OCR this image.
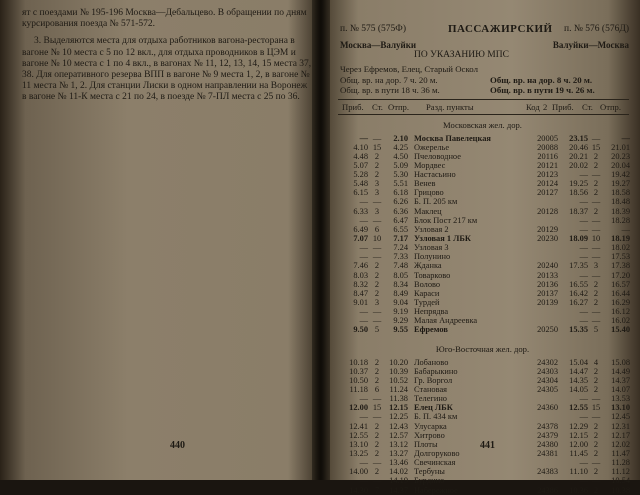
ят с поездами № 195-196 Москва—Дебальцево. В обращении по дням курсирования поезда № 571-572.

3. Выделяются места для отдыха работников вагона-ресторана в вагоне № 10 места с 5 по 12 вкл., для отдыха проводников в ЦЭМ и вагоне № 10 места с 1 по 4 вкл., в вагонах № 11, 12, 13, 14, 15 места 37, 38. Для оперативного резерва ВПП в вагоне № 9 места 1, 2, в вагоне № 11 места № 1, 2. Для станции Лиски в одном направлении на Воронеж в вагоне № 11-К места с 21 по 24, в поезде № 7-ПЛ места с 25 по 36.

440
п. № 575 (575Ф)	ПАССАЖИРСКИЙ п. № 576 (576Д)
Москва—Валуйки	Валуйки—Москва
ПО УКАЗАНИЮ МПС
Через Ефремов, Елец, Старый Оскол
Общ. вр. на дор. 7 ч. 20 м.	Общ. вр. на дор. 8 ч. 20 м.
Общ. вр. в пути 18 ч. 36 м.	Общ. вр. в пути 19 ч. 26 м.
Приб. Ст. Отпр. Разд. пункты	Код 2 Приб. Ст. Отпр.
Московская жел. дор.
— —	2.10 Москва Павелецкая	20005	23.15 —	—
4.10 15	4.25 Ожерелье	20088	20.46 15	21.01
4.48 2	4.50 Пчеловодное	20116	20.21 2	20.23
5.07 2	5.09 Мордвес	20121	20.02 2	20.04
5.28 2	5.30 Настасьино	20123	— —	19.42
5.48 3	5.51 Венев	20124	19.25 2	19.27
6.15 3	6.18 Грицово	20127	18.56 2	18.58
— —	6.26 Б. П. 205 км	— —	18.48
6.33 3	6.36 Маклец	20128	18.37 2	18.39
— —	6.47 Блок Пост 217 км	— —	18.28
6.49 6	6.55 Узловая 2	20129	— —	—
7.07 10	7.17 Узловая 1 ЛБК	20230	18.09 10	18.19
— —	7.24 Узловая 3	— —	18.02
— —	7.33 Полунино	— —	17.53
7.46 2	7.48 Жданка	20240	17.35 3	17.38
8.03 2	8.05 Товарково	20133	— —	17.20
8.32 2	8.34 Волово	20136	16.55 2	16.57
8.47 2	8.49 Караси	20137	16.42 2	16.44
9.01 3	9.04 Турдей	20139	16.27 2	16.29
— —	9.19 Непрядва	— —	16.12
— —	9.29 Малая Андреевка	— —	16.02
9.50 5	9.55 Ефремов	20250	15.35 5	15.40
Юго-Восточная жел. дор.
10.18 2	10.20 Лобаново	24302	15.04 4	15.08
10.37 2	10.39 Бабарыкино	24303	14.47 2	14.49
10.50 2	10.52 Гр. Воргол	24304	14.35 2	14.37
11.18 6	11.24 Становая	24305	14.05 2	14.07
— — 11.38 Телегино	— —	13.53
12.00 15 12.15 Елец ЛБК	24360	12.55 15	13.10
— — 12.25 Б. П. 434 км	— —	12.45
12.41 2	12.43 Улусарка	24378	12.29 2	12.31
12.55 2	12.57 Хитрово	24379	12.15 2	12.17
13.10 2	13.12 Плоты	24380	12.00 2	12.02
13.25 2	13.27 Долгоруково	24381	11.45 2	11.47
— — 13.46 Свечинская	— —	11.28
14.00 2	14.02 Тербуны	24383	11.10 2	11.12
— — 14.19 Бурдино	— —	10.54
14.30 7	14.37 Набережное	24386	10.36 2	10.38
441
